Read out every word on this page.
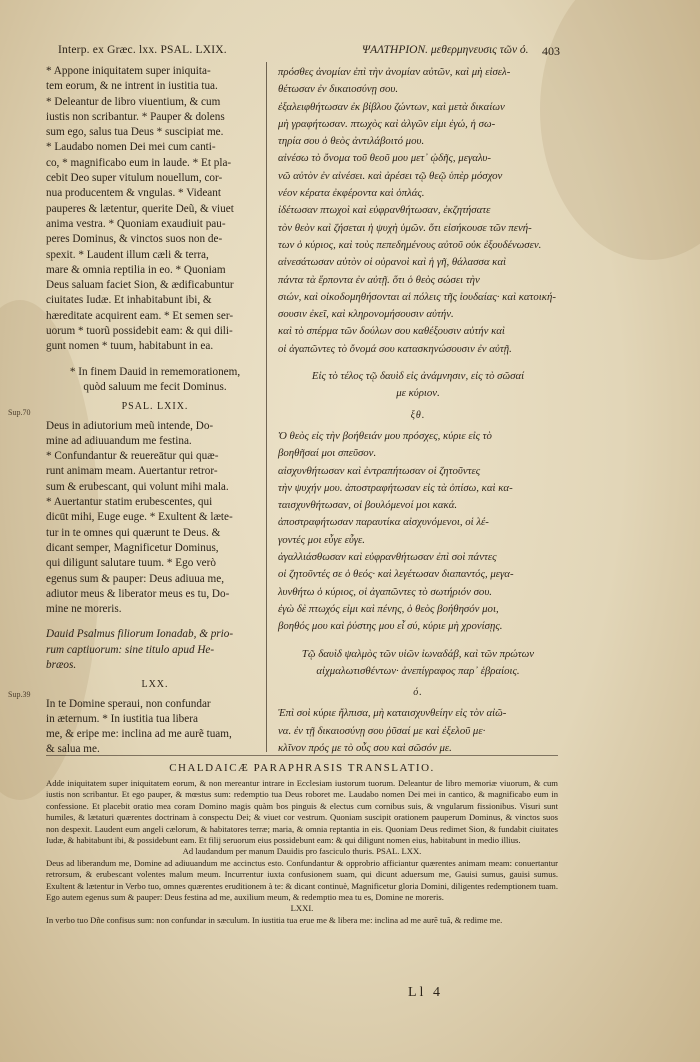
Interp. ex Græc. lxx. PSAL. LXIX.	ΨΑΛΤΗΡΙΟΝ. μεθερμηνευσις τῶν ό. 403
Sup.70
Sup.39
* Appone iniquitatem super iniquita-
tem eorum, & ne intrent in iustitia tua.
* Deleantur de libro viuentium, & cum
iustis non scribantur. * Pauper & dolens
sum ego, salus tua Deus * suscipiat me.
* Laudabo nomen Dei mei cum canti-
co, * magnificabo eum in laude. * Et pla-
cebit Deo super vitulum nouellum, cor-
nua producentem & vngulas. * Videant
pauperes & lætentur, querite Deũ, & viuet
anima vestra. * Quoniam exaudiuit pau-
peres Dominus, & vinctos suos non de-
spexit. * Laudent illum cæli & terra,
mare & omnia reptilia in eo. * Quoniam
Deus saluam faciet Sion, & ædificabuntur
ciuitates Iudæ. Et inhabitabunt ibi, &
hæreditate acquirent eam. * Et semen ser-
uorum * tuorũ possidebit eam: & qui dili-
gunt nomen * tuum, habitabunt in ea.
* In finem Dauid in rememorationem,
quòd saluum me fecit Dominus.
PSAL. LXIX.
Deus in adiutorium meũ intende, Do-
mine ad adiuuandum me festina.
* Confundantur & reuereātur qui quæ-
runt animam meam. Auertantur retror-
sum & erubescant, qui volunt mihi mala.
* Auertantur statim erubescentes, qui
dicūt mihi, Euge euge. * Exultent & læte-
tur in te omnes qui quærunt te Deus. &
dicant semper, Magnificetur Dominus,
qui diligunt salutare tuum. * Ego verò
egenus sum & pauper: Deus adiuua me,
adiutor meus & liberator meus es tu, Do-
mine ne moreris.
Dauid Psalmus filiorum Ionadab, & prio-
rum captiuorum: sine titulo apud He-
bræos.
LXX.
In te Domine speraui, non confundar
in æternum. * In iustitia tua libera
me, & eripe me: inclina ad me aurẽ tuam,
& salua me.
πρόσθες ἀνομίαν ἐπὶ τὴν ἀνομίαν αὐτῶν, καὶ μὴ εἰσελ-
θέτωσαν ἐν δικαιοσύνῃ σου.
ἐξαλειφθήτωσαν ἐκ βίβλου ζώντων, καὶ μετὰ δικαίων
μὴ γραφήτωσαν. πτωχὸς καὶ ἀλγῶν εἰμι ἐγώ, ἡ σω-
τηρία σου ὁ θεὸς ἀντιλάβοιτό μου.
αἰνέσω τὸ ὄνομα τοῦ θεοῦ μου μετ᾽ ᾠδῆς, μεγαλυ-
νῶ αὐτὸν ἐν αἰνέσει. καὶ ἀρέσει τῷ θεῷ ὑπὲρ μόσχον
νέον κέρατα ἐκφέροντα καὶ ὁπλάς.
ἰδέτωσαν πτωχοὶ καὶ εὐφρανθήτωσαν, ἐκζητήσατε
τὸν θεὸν καὶ ζήσεται ἡ ψυχὴ ὑμῶν. ὅτι εἰσήκουσε τῶν πενή-
των ὁ κύριος, καὶ τοὺς πεπεδημένους αὐτοῦ οὐκ ἐξουδένωσεν.
αἰνεσάτωσαν αὐτὸν οἱ οὐρανοὶ καὶ ἡ γῆ, θάλασσα καὶ
πάντα τὰ ἕρποντα ἐν αὐτῇ. ὅτι ὁ θεὸς σώσει τὴν
σιών, καὶ οἰκοδομηθήσονται αἱ πόλεις τῆς ἰουδαίας· καὶ κατοική-
σουσιν ἐκεῖ, καὶ κληρονομήσουσιν αὐτήν.
καὶ τὸ σπέρμα τῶν δούλων σου καθέξουσιν αὐτήν καὶ
οἱ ἀγαπῶντες τὸ ὄνομά σου κατασκηνώσουσιν ἐν αὐτῇ.
Εἰς τὸ τέλος τῷ δαυὶδ εἰς ἀνάμνησιν, εἰς τὸ σῶσαί
με κύριον.
ξθ.
Ὁ θεὸς εἰς τὴν βοήθειάν μου πρόσχες, κύριε εἰς τὸ
βοηθῆσαί μοι σπεῦσον.
αἰσχυνθήτωσαν καὶ ἐντραπήτωσαν οἱ ζητοῦντες
τὴν ψυχήν μου. ἀποστραφήτωσαν εἰς τὰ ὀπίσω, καὶ κα-
ταισχυνθήτωσαν, οἱ βουλόμενοί μοι κακά.
ἀποστραφήτωσαν παραυτίκα αἰσχυνόμενοι, οἱ λέ-
γοντές μοι εὖγε εὖγε.
ἀγαλλιάσθωσαν καὶ εὐφρανθήτωσαν ἐπὶ σοὶ πάντες
οἱ ζητοῦντές σε ὁ θεός· καὶ λεγέτωσαν διαπαντός, μεγα-
λυνθήτω ὁ κύριος, οἱ ἀγαπῶντες τὸ σωτήριόν σου.
ἐγὼ δὲ πτωχός εἰμι καὶ πένης, ὁ θεὸς βοήθησόν μοι,
βοηθός μου καὶ ῥύστης μου εἶ σύ, κύριε μὴ χρονίσῃς.
Τῷ δαυὶδ ψαλμὸς τῶν υἱῶν ἰωναδάβ, καὶ τῶν πρώτων
αἰχμαλωτισθέντων· ἀνεπίγραφος παρ᾽ ἑβραίοις.
ό.
Ἐπὶ σοὶ κύριε ἤλπισα, μὴ καταισχυνθείην εἰς τὸν αἰῶ-
να. ἐν τῇ δικαιοσύνῃ σου ῥῦσαί με καὶ ἐξελοῦ με·
κλῖνον πρός με τὸ οὖς σου καὶ σῶσόν με.
CHALDAICÆ PARAPHRASIS TRANSLATIO.

Adde iniquitatem super iniquitatem eorum, & non mereantur intrare in Ecclesiam iustorum tuorum. Deleantur de libro memoriæ viuorum, & cum iustis non scribantur. Et ego pauper, & mœstus sum: redemptio tua Deus roboret me. Laudabo nomen Dei mei in cantico, & magnificabo eum in confessione. Et placebit oratio mea coram Domino magis quàm bos pinguis & electus cum cornibus suis, & vngularum fissionibus. Visuri sunt humiles, & lætaturi quærentes doctrinam à conspectu Dei; & viuet cor vestrum. Quoniam suscipit orationem pauperum Dominus, & vinctos suos non despexit. Laudent eum angeli cælorum, & habitatores terræ; maria, & omnia reptantia in eis. Quoniam Deus redimet Sion, & fundabit ciuitates Iudæ, & habitabunt ibi, & possidebunt eam. Et filij seruorum eius possidebunt eam: & qui diligunt nomen eius, habitabunt in medio illius.

Ad laudandum per manum Dauidis pro fasciculo thuris. PSAL. LXX.

Deus ad liberandum me, Domine ad adiuuandum me accinctus esto. Confundantur & opprobrio afficiantur quærentes animam meam: conuertantur retrorsum, & erubescant volentes malum meum. Incurrentur iuxta confusionem suam, qui dicunt aduersum me, Gauisi sumus, gauisi sumus. Exultent & lætentur in Verbo tuo, omnes quærentes eruditionem à te: & dicant continuè, Magnificetur gloria Domini, diligentes redemptionem tuam. Ego autem egenus sum & pauper: Deus festina ad me, auxilium meum, & redemptio mea tu es, Domine ne moreris.

LXXI.

In verbo tuo Dñe confisus sum: non confundar in sæculum. In iustitia tua erue me & libera me: inclina ad me aurẽ tuã, & redime me.

Ll 4
